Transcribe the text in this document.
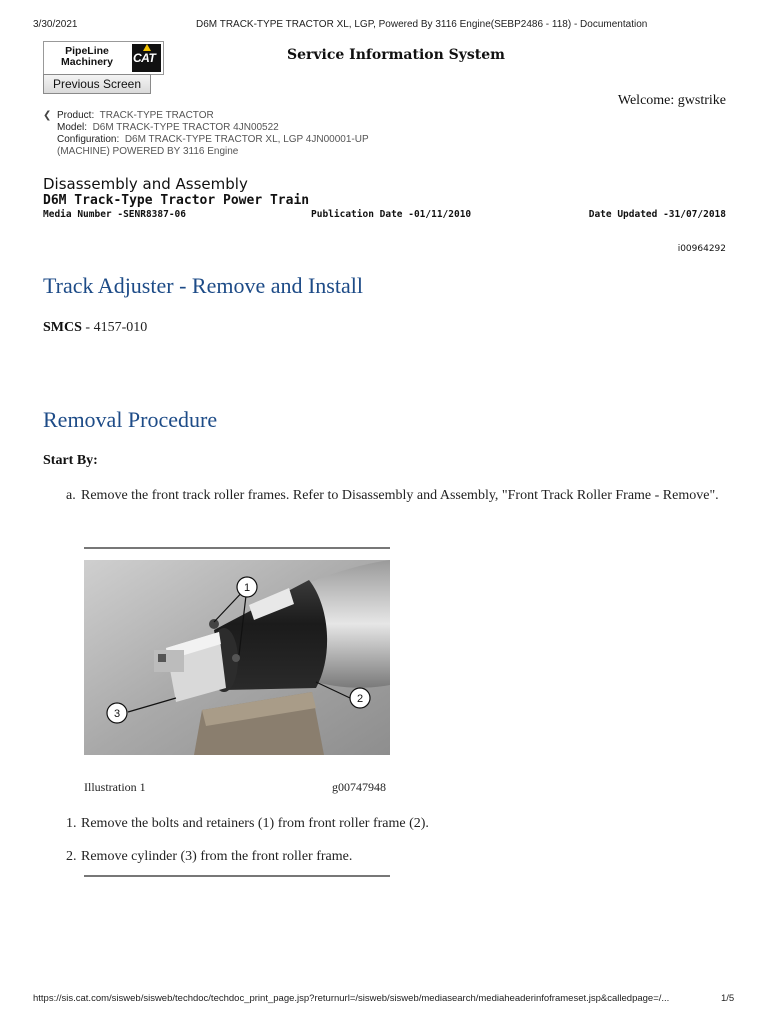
3/30/2021	D6M TRACK-TYPE TRACTOR XL, LGP, Powered By 3116 Engine(SEBP2486 - 118) - Documentation
PipeLine
Machinery	CAT
Previous Screen
Service Information System
Welcome: gwstrike
❮ Product: TRACK-TYPE TRACTOR
Model: D6M TRACK-TYPE TRACTOR 4JN00522
Configuration: D6M TRACK-TYPE TRACTOR XL, LGP 4JN00001-UP
(MACHINE) POWERED BY 3116 Engine
Disassembly and Assembly
D6M Track-Type Tractor Power Train
Media Number -SENR8387-06	Publication Date -01/11/2010	Date Updated -31/07/2018
i00964292
Track Adjuster - Remove and Install
SMCS - 4157-010
Removal Procedure
Start By:
a. Remove the front track roller frames. Refer to Disassembly and Assembly, "Front Track Roller Frame - Remove".
1
2
3
Illustration 1	g00747948
1. Remove the bolts and retainers (1) from front roller frame (2).
2. Remove cylinder (3) from the front roller frame.
https://sis.cat.com/sisweb/sisweb/techdoc/techdoc_print_page.jsp?returnurl=/sisweb/sisweb/mediasearch/mediaheaderinfoframeset.jsp&calledpage=/...	1/5
